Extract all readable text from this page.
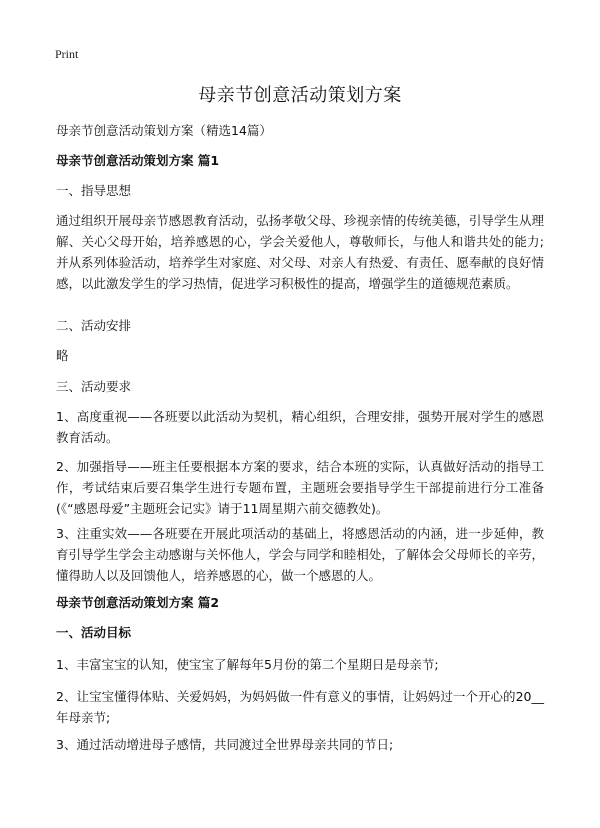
Print
母亲节创意活动策划方案

母亲节创意活动策划方案（精选14篇）

母亲节创意活动策划方案 篇1

一、指导思想

通过组织开展母亲节感恩教育活动，弘扬孝敬父母、珍视亲情的传统美德，引导学生从理解、关心父母开始，培养感恩的心，学会关爱他人，尊敬师长，与他人和谐共处的能力;并从系列体验活动，培养学生对家庭、对父母、对亲人有热爱、有责任、愿奉献的良好情感，以此激发学生的学习热情，促进学习积极性的提高，增强学生的道德规范素质。

二、活动安排

略

三、活动要求

1、高度重视——各班要以此活动为契机，精心组织，合理安排，强势开展对学生的感恩教育活动。

2、加强指导——班主任要根据本方案的要求，结合本班的实际，认真做好活动的指导工作，考试结束后要召集学生进行专题布置，主题班会要指导学生干部提前进行分工准备(《“感恩母爱”主题班会记实》请于11周星期六前交德教处)。

3、注重实效——各班要在开展此项活动的基础上，将感恩活动的内涵，进一步延伸，教育引导学生学会主动感谢与关怀他人，学会与同学和睦相处，了解体会父母师长的辛劳，懂得助人以及回馈他人，培养感恩的心，做一个感恩的人。

母亲节创意活动策划方案 篇2

一、活动目标

1、丰富宝宝的认知，使宝宝了解每年5月份的第二个星期日是母亲节;

2、让宝宝懂得体贴、关爱妈妈，为妈妈做一件有意义的事情，让妈妈过一个开心的20__年母亲节;

3、通过活动增进母子感情，共同渡过全世界母亲共同的节日;
